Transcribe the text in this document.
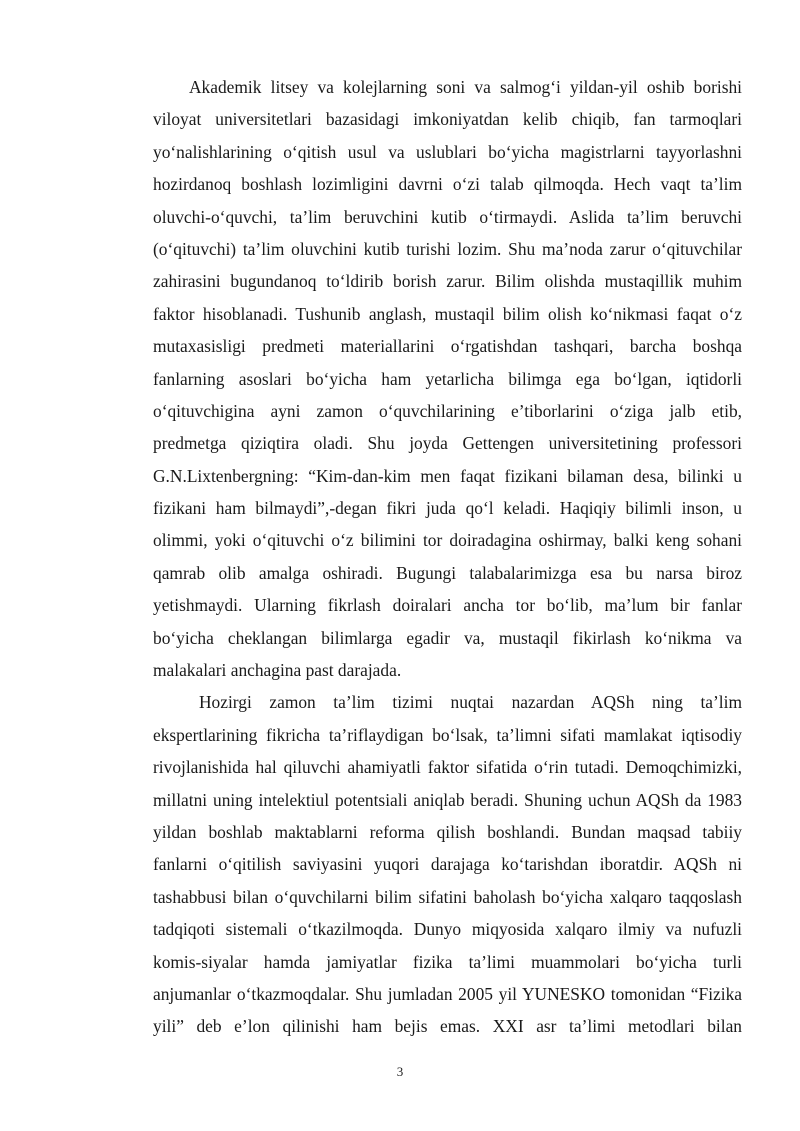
Akademik litsey va kolejlarning soni va salmog‘i yildan-yil oshib borishi
viloyat universitetlari bazasidagi imkoniyatdan kelib chiqib, fan tarmoqlari
yo‘nalishlarining o‘qitish usul va uslublari bo‘yicha magistrlarni tayyorlashni
hozirdanoq boshlash lozimligini davrni o‘zi talab qilmoqda. Hech vaqt ta’lim
oluvchi-o‘quvchi, ta’lim beruvchini kutib o‘tirmaydi. Aslida ta’lim beruvchi
(o‘qituvchi) ta’lim oluvchini kutib turishi lozim. Shu ma’noda zarur o‘qituvchilar
zahirasini bugundanoq to‘ldirib borish zarur. Bilim olishda mustaqillik muhim
faktor hisoblanadi. Tushunib anglash, mustaqil bilim olish ko‘nikmasi faqat o‘z
mutaxasisligi predmeti materiallarini o‘rgatishdan tashqari, barcha boshqa
fanlarning asoslari bo‘yicha ham yetarlicha bilimga ega bo‘lgan, iqtidorli
o‘qituvchigina ayni zamon o‘quvchilarining e’tiborlarini o‘ziga jalb etib,
predmetga qiziqtira oladi. Shu joyda Gettengen universitetining professori
G.N.Lixtenbergning: “Kim-dan-kim men faqat fizikani bilaman desa, bilinki u
fizikani ham bilmaydi”,-degan fikri juda qo‘l keladi. Haqiqiy bilimli inson, u
olimmi, yoki o‘qituvchi o‘z bilimini tor doiradagina oshirmay, balki keng sohani
qamrab olib amalga oshiradi. Bugungi talabalarimizga esa bu narsa biroz
yetishmaydi. Ularning fikrlash doiralari ancha tor bo‘lib, ma’lum bir fanlar
bo‘yicha cheklangan bilimlarga egadir va, mustaqil fikirlash ko‘nikma va
malakalari anchagina past darajada.
Hozirgi zamon ta’lim tizimi nuqtai nazardan AQSh ning ta’lim
ekspertlarining fikricha ta’riflaydigan bo‘lsak, ta’limni sifati mamlakat iqtisodiy
rivojlanishida hal qiluvchi ahamiyatli faktor sifatida o‘rin tutadi. Demoqchimizki,
millatni uning intelektiul potentsiali aniqlab beradi. Shuning uchun AQSh da 1983
yildan boshlab maktablarni reforma qilish boshlandi. Bundan maqsad tabiiy
fanlarni o‘qitilish saviyasini yuqori darajaga ko‘tarishdan iboratdir. AQSh ni
tashabbusi bilan o‘quvchilarni bilim sifatini baholash bo‘yicha xalqaro taqqoslash
tadqiqoti sistemali o‘tkazilmoqda. Dunyo miqyosida xalqaro ilmiy va nufuzli
komis-siyalar hamda jamiyatlar fizika ta’limi muammolari bo‘yicha turli
anjumanlar o‘tkazmoqdalar. Shu jumladan 2005 yil YUNESKO tomonidan “Fizika
yili” deb e’lon qilinishi ham bejis emas. XXI asr ta’limi metodlari bilan
3
